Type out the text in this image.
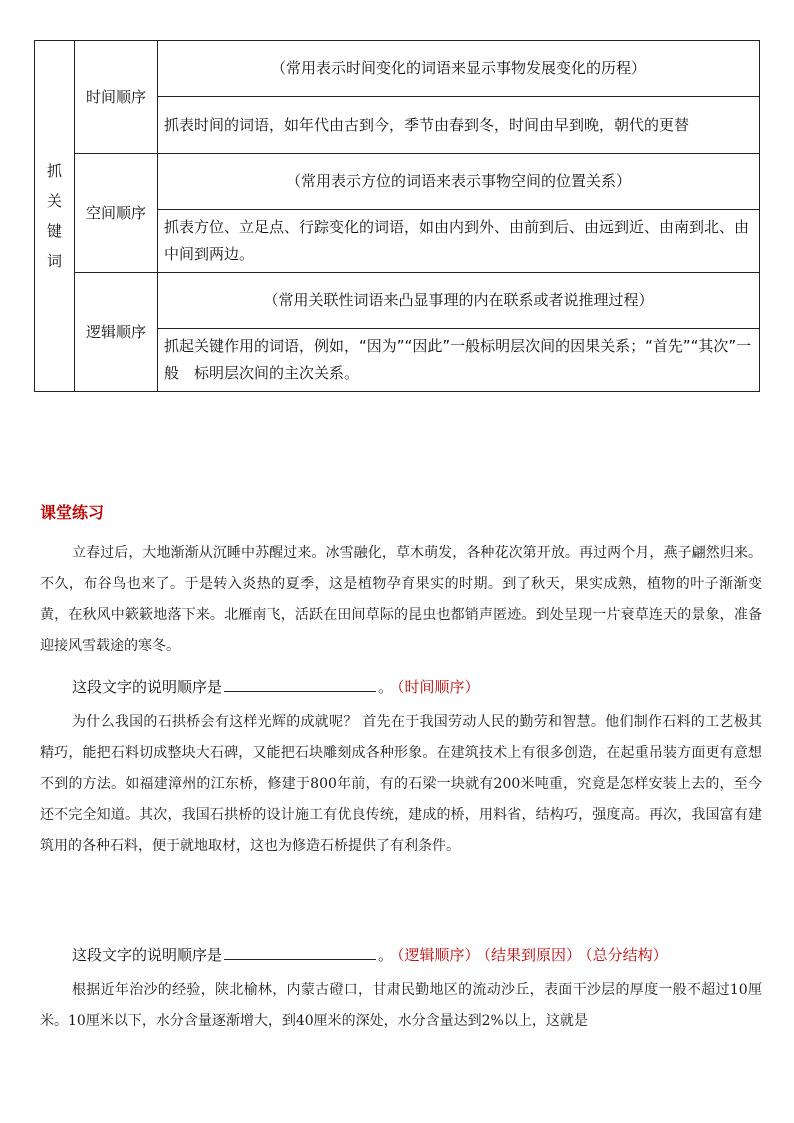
抓
关
键
词	时间顺序	（常用表示时间变化的词语来显示事物发展变化的历程）
		抓表时间的词语，如年代由古到今，季节由春到冬，时间由早到晚，朝代的更替
	空间顺序	（常用表示方位的词语来表示事物空间的位置关系）
		抓表方位、立足点、行踪变化的词语，如由内到外、由前到后、由远到近、由南到北、由中间到两边。
	逻辑顺序	（常用关联性词语来凸显事理的内在联系或者说推理过程）
		抓起关键作用的词语，例如，“因为”“因此”一般标明层次间的因果关系；“首先”“其次”一般　标明层次间的主次关系。
课堂练习

立春过后，大地渐渐从沉睡中苏醒过来。冰雪融化，草木萌发，各种花次第开放。再过两个月，燕子翩然归来。不久，布谷鸟也来了。于是转入炎热的夏季，这是植物孕育果实的时期。到了秋天，果实成熟，植物的叶子渐渐变黄，在秋风中簌簌地落下来。北雁南飞，活跃在田间草际的昆虫也都销声匿迹。到处呈现一片衰草连天的景象，准备迎接风雪载途的寒冬。

这段文字的说明顺序是	。 （时间顺序）

为什么我国的石拱桥会有这样光辉的成就呢？ 首先在于我国劳动人民的勤劳和智慧。他们制作石料的工艺极其精巧，能把石料切成整块大石碑，又能把石块雕刻成各种形象。在建筑技术上有很多创造，在起重吊装方面更有意想不到的方法。如福建漳州的江东桥，修建于800年前，有的石梁一块就有200米吨重，究竟是怎样安装上去的，至今还不完全知道。其次，我国石拱桥的设计施工有优良传统，建成的桥，用料省，结构巧，强度高。再次，我国富有建筑用的各种石料，便于就地取材，这也为修造石桥提供了有利条件。

这段文字的说明顺序是	。 （逻辑顺序） （结果到原因） （总分结构）

根据近年治沙的经验，陕北榆林，内蒙古磴口，甘肃民勤地区的流动沙丘，表面干沙层的厚度一般不超过10厘米。10厘米以下，水分含量逐渐增大，到40厘米的深处，水分含量达到2%以上，这就是
